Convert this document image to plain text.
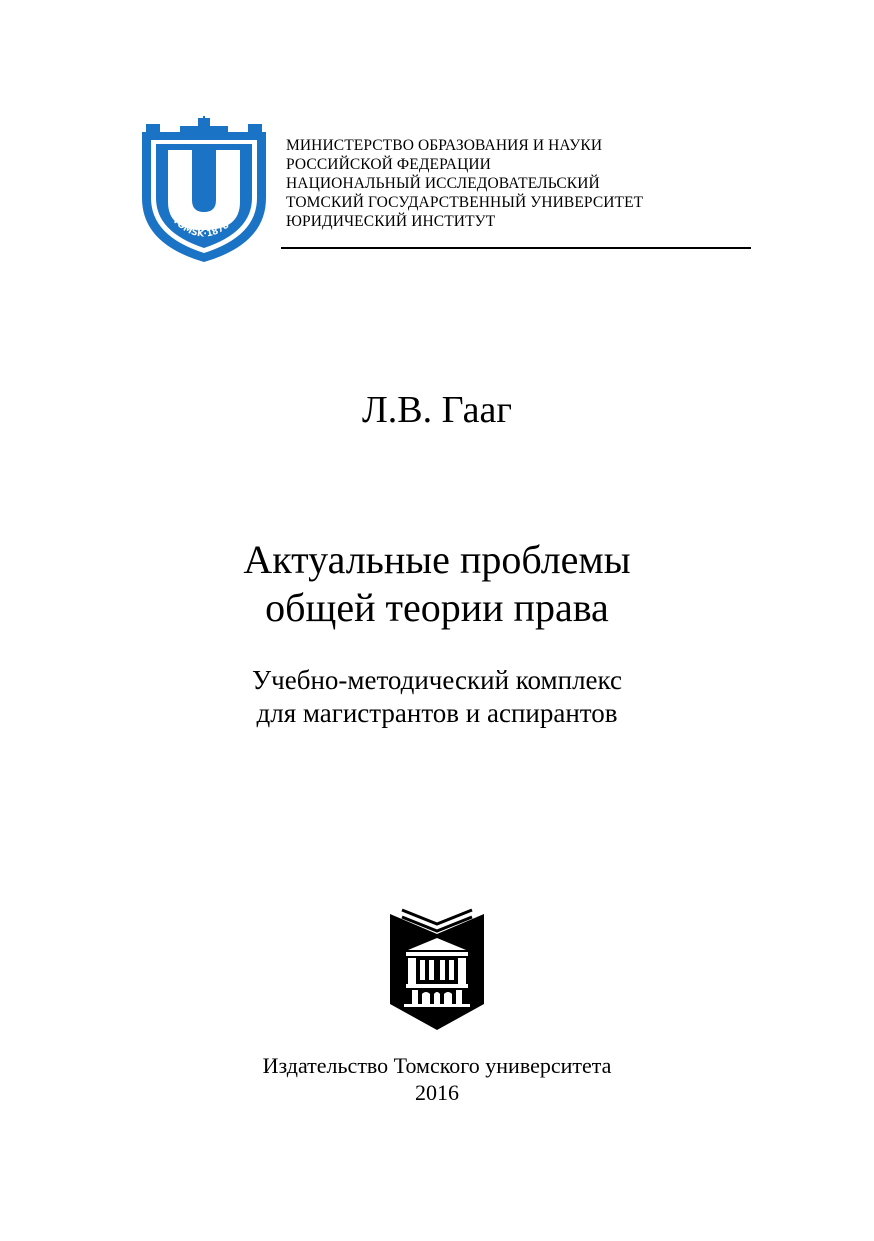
TOMSK·1878
МИНИСТЕРСТВО ОБРАЗОВАНИЯ И НАУКИ
РОССИЙСКОЙ ФЕДЕРАЦИИ
НАЦИОНАЛЬНЫЙ ИССЛЕДОВАТЕЛЬСКИЙ
ТОМСКИЙ ГОСУДАРСТВЕННЫЙ УНИВЕРСИТЕТ
ЮРИДИЧЕСКИЙ ИНСТИТУТ
Л.В. Гааг
Актуальные проблемы
общей теории права
Учебно-методический комплекс
для магистрантов и аспирантов
Издательство Томского университета
2016
